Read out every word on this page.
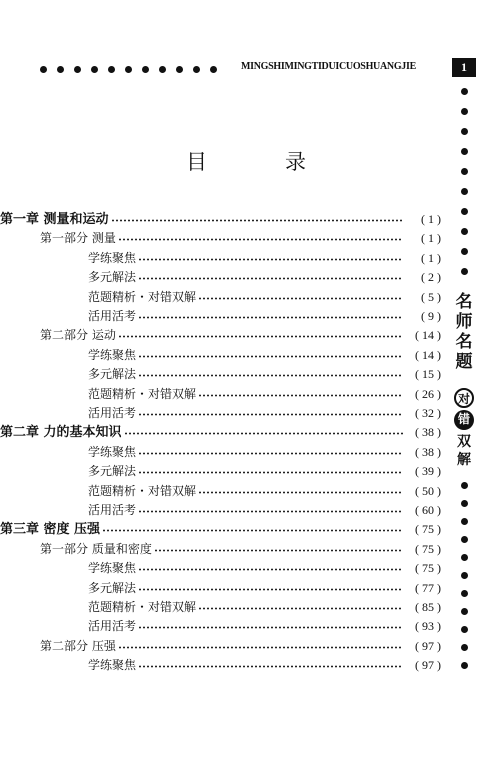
MINGSHIMINGTIDUICUOSHUANGJIE	1
目	录
第一章 测量和运动	( 1 )
第一部分 测量	( 1 )
学练聚焦	( 1 )
多元解法	( 2 )
范题精析・对错双解	( 5 )
活用活考	( 9 )
第二部分 运动	( 14 )
学练聚焦	( 14 )
多元解法	( 15 )
范题精析・对错双解	( 26 )
活用活考	( 32 )
第二章 力的基本知识	( 38 )
学练聚焦	( 38 )
多元解法	( 39 )
范题精析・对错双解	( 50 )
活用活考	( 60 )
第三章 密度 压强	( 75 )
第一部分 质量和密度	( 75 )
学练聚焦	( 75 )
多元解法	( 77 )
范题精析・对错双解	( 85 )
活用活考	( 93 )
第二部分 压强	( 97 )
学练聚焦	( 97 )
名师名题
对
错
双解
